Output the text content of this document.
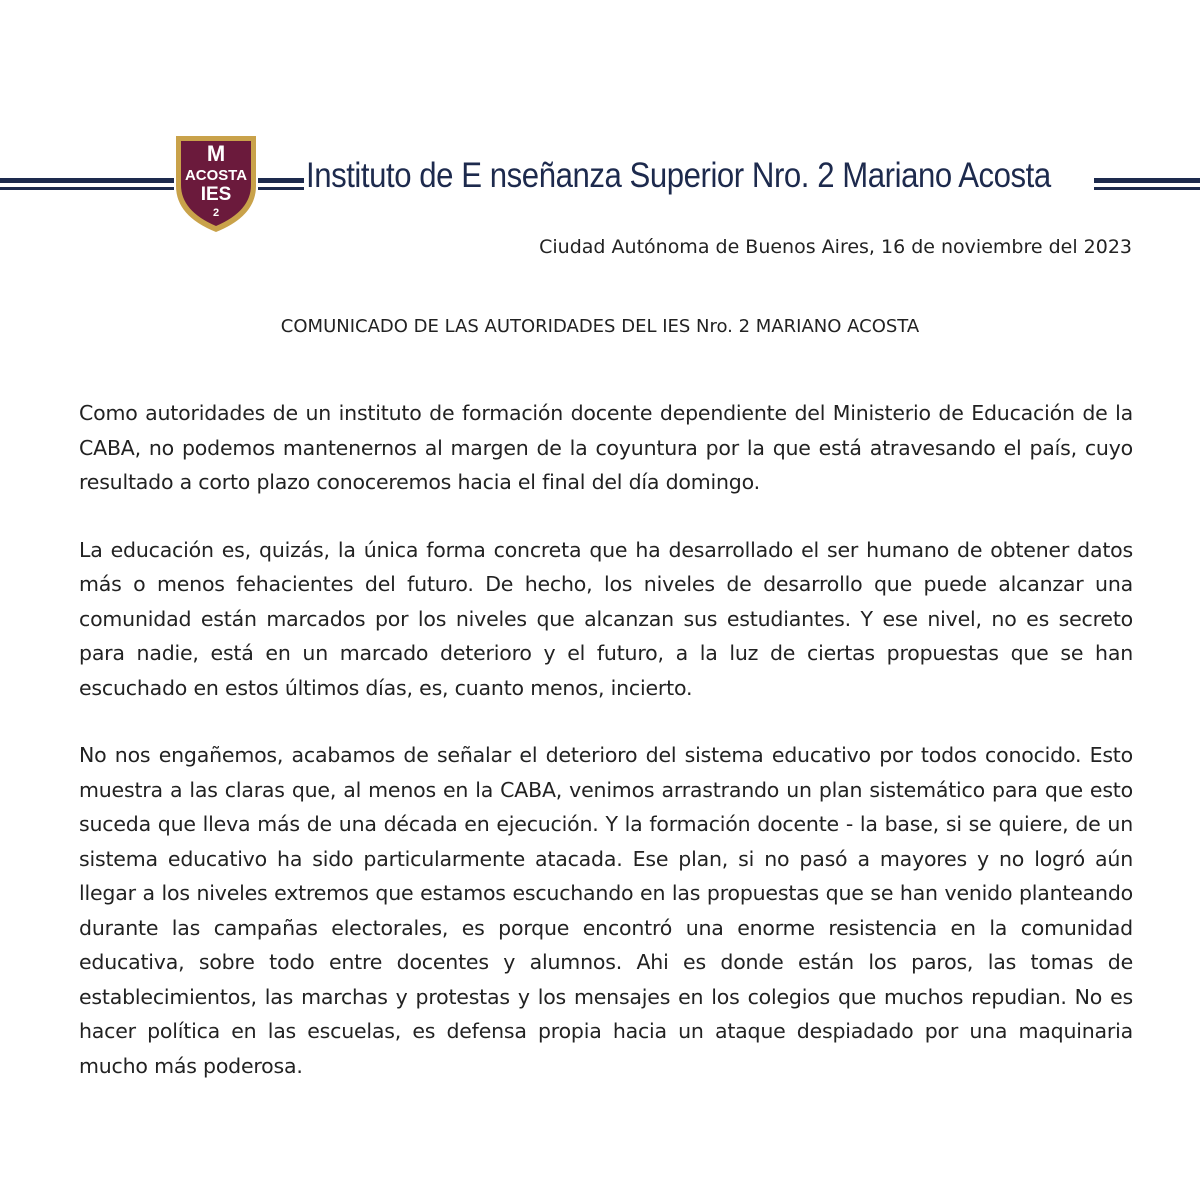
M
ACOSTA
IES
2
Instituto de E nseñanza Superior Nro. 2 Mariano Acosta
Ciudad Autónoma de Buenos Aires, 16 de noviembre del 2023
COMUNICADO DE LAS AUTORIDADES DEL IES Nro. 2 MARIANO ACOSTA

Como autoridades de un instituto de formación docente dependiente del Ministerio de Educación de la CABA, no podemos mantenernos al margen de la coyuntura por la que está atravesando el país, cuyo resultado a corto plazo conoceremos hacia el final del día domingo.

La educación es, quizás, la única forma concreta que ha desarrollado el ser humano de obtener datos más o menos fehacientes del futuro. De hecho, los niveles de desarrollo que puede alcanzar una comunidad están marcados por los niveles que alcanzan sus estudiantes. Y ese nivel, no es secreto para nadie, está en un marcado deterioro y el futuro, a la luz de ciertas propuestas que se han escuchado en estos últimos días, es, cuanto menos, incierto.

No nos engañemos, acabamos de señalar el deterioro del sistema educativo por todos conocido. Esto muestra a las claras que, al menos en la CABA, venimos arrastrando un plan sistemático para que esto suceda que lleva más de una década en ejecución. Y la formación docente - la base, si se quiere, de un sistema educativo ha sido particularmente atacada. Ese plan, si no pasó a mayores y no logró aún llegar a los niveles extremos que estamos escuchando en las propuestas que se han venido planteando durante las campañas electorales, es porque encontró una enorme resistencia en la comunidad educativa, sobre todo entre docentes y alumnos. Ahi es donde están los paros, las tomas de establecimientos, las marchas y protestas y los mensajes en los colegios que muchos repudian. No es hacer política en las escuelas, es defensa propia hacia un ataque despiadado por una maquinaria mucho más poderosa.
